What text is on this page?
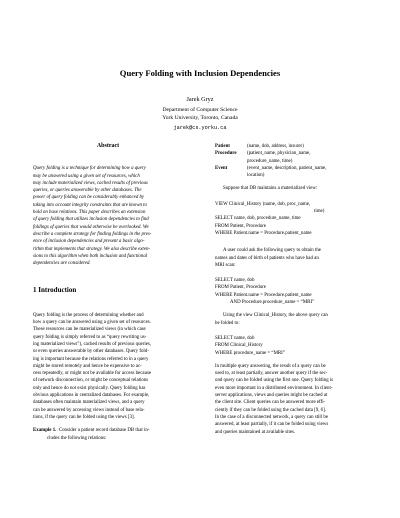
Query Folding with Inclusion Dependencies
Jarek Gryz
Department of Computer Science
York University, Toronto, Canada
jarek@cs.yorku.ca
Abstract
Query folding is a technique for determining how a query
may be answered using a given set of resources, which
may include materialized views, cached results of previous
queries, or queries answerable by other databases. The
power of query folding can be considerably enhanced by
taking into account integrity constraints that are known to
hold on base relations. This paper describes an extension
of query folding that utilizes inclusion dependencies to find
foldings of queries that would otherwise be overlooked. We
describe a complete strategy for finding foldings in the pres-
ence of inclusion dependencies and present a basic algo-
rithm that implements that strategy. We also describe exten-
sions to this algorithm when both inclusion and functional
dependencies are considered.
1 Introduction
Query folding is the process of determining whether and
how a query can be answered using a given set of resources.
These resources can be materialized views (in which case
query folding is simply referred to as “query rewriting us-
ing materialized views”), cached results of previous queries,
or even queries answerable by other databases. Query fold-
ing is important because the relations referred to in a query
might be stored remotely and hence be expensive to ac-
cess repeatedly, or might not be available for access because
of network disconnection, or might be conceptual relations
only and hence do not exist physically. Query folding has
obvious applications in centralized databases. For example,
databases often maintain materialized views, and a query
can be answered by accessing views instead of base rela-
tions, if the query can be folded using the views [3].
Example 1. Consider a patient record database DB that in-
cludes the following relations:
Patient	(name, dob, address, insurer)
Procedure	(patient_name, physician_name,
procedure_name, time)
Event	(event_name, description, patient_name,
location)
Suppose that DB maintains a materialized view:
VIEW Clinical_History (name, dob, proc_name,
time)
SELECT name, dob, procedure_name, time
FROM Patient, Procedure
WHERE Patient.name = Procedure.patient_name
A user could ask the following query to obtain the
names and dates of birth of patients who have had an
MRI scan:
SELECT name, dob
FROM Patient, Procedure
WHERE Patient.name = Procedure.patient_name
AND Procedure.procedure_name = “MRI”
Using the view Clinical_History, the above query can
be folded to:
SELECT name, dob
FROM Clinical_History
WHERE procedure_name = “MRI”
In multiple query answering, the result of a query can be
used to, at least partially, answer another query if the sec-
ond query can be folded using the first one. Query folding is
even more important in a distributed environment. In client-
server applications, views and queries might be cached at
the client site. Client queries can be answered more effi-
ciently if they can be folded using the cached data [9, 6].
In the case of a disconnected network, a query can still be
answered, at least partially, if it can be folded using views
and queries maintained at available sites.
